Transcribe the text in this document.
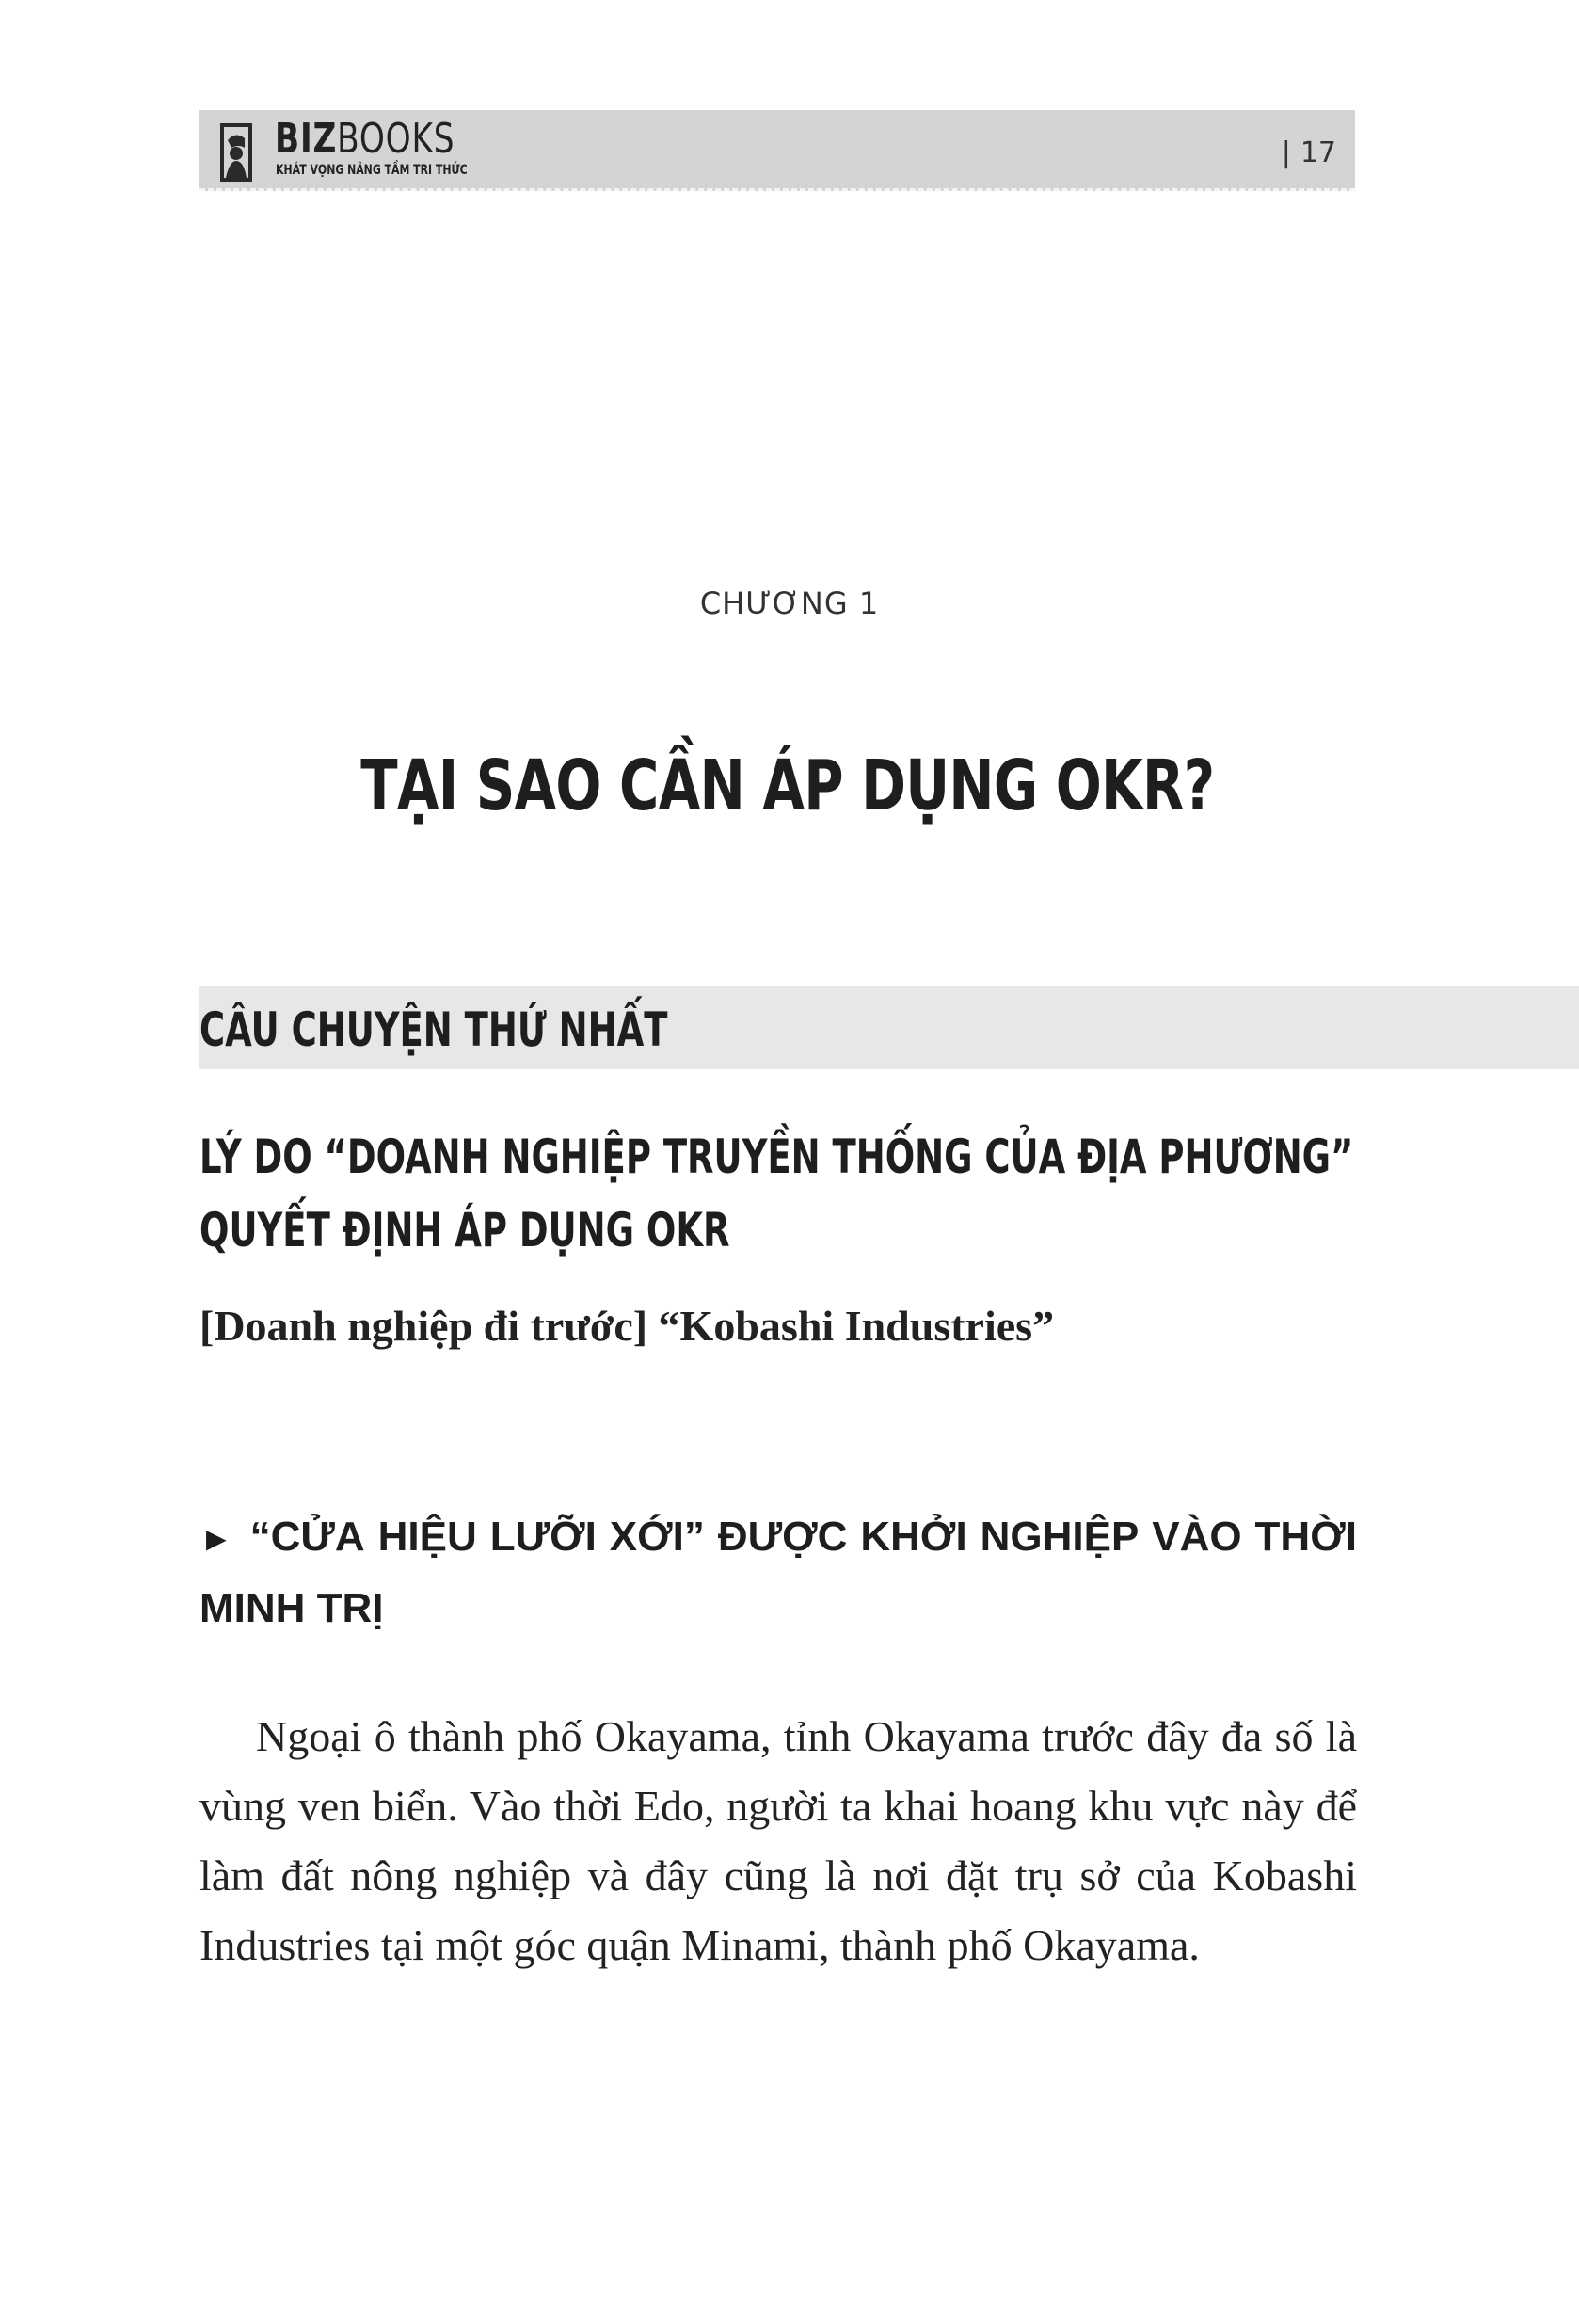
BIZBOOKS
KHÁT VỌNG NÂNG TẦM TRI THỨC
| 17
CHƯƠNG 1
TẠI SAO CẦN ÁP DỤNG OKR?
CÂU CHUYỆN THỨ NHẤT
LÝ DO “DOANH NGHIỆP TRUYỀN THỐNG CỦA ĐỊA PHƯƠNG”
QUYẾT ĐỊNH ÁP DỤNG OKR
[Doanh nghiệp đi trước] “Kobashi Industries”
► “CỬA HIỆU LƯỠI XỚI” ĐƯỢC KHỞI NGHIỆP VÀO THỜI
MINH TRỊ

Ngoại ô thành phố Okayama, tỉnh Okayama trước đây đa số là vùng ven biển. Vào thời Edo, người ta khai hoang khu vực này để làm đất nông nghiệp và đây cũng là nơi đặt trụ sở của Kobashi Industries tại một góc quận Minami, thành phố Okayama.
